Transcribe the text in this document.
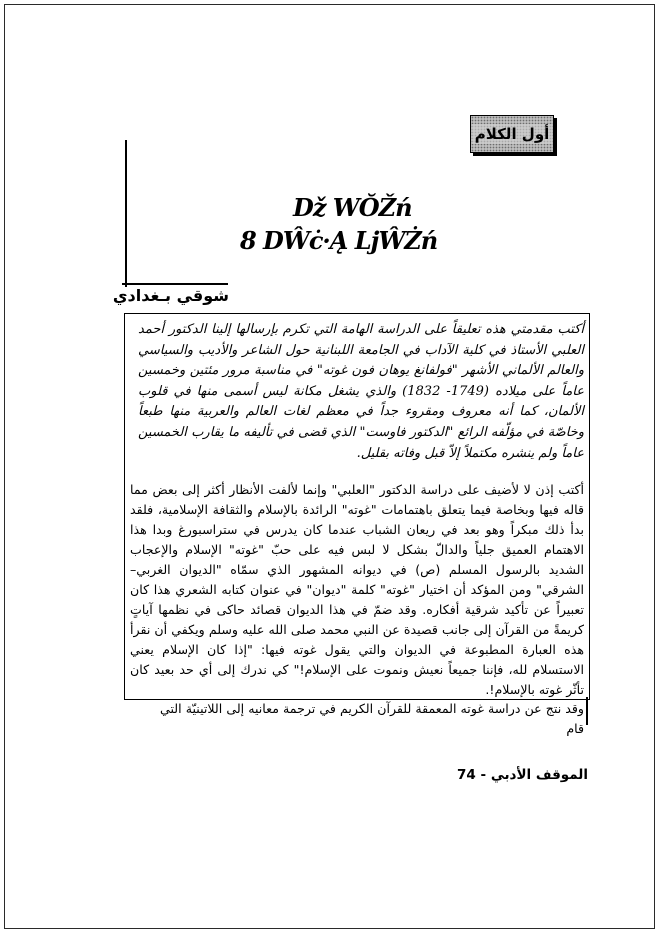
أول الكلام
Dž WŎŽń
8 DŴċ·Ą LjŴŻń
شوقي بـغدادي

أكتب مقدمتي هذه تعليقاً على الدراسة الهامة التي تكرم بإرسالها إلينا الدكتور أحمد العلبي الأستاذ في كلية الآداب في الجامعة اللبنانية حول الشاعر والأديب والسياسي والعالم الألماني الأشهر "فولفانغ يوهان فون غوته" في مناسبة مرور مئتين وخمسين عاماً على ميلاده (1749- 1832) والذي يشغل مكانة ليس أسمى منها في قلوب الألمان، كما أنه معروف ومقروء جداً في معظم لغات العالم والعربية منها طبعاً وخاصّة في مؤلّفه الرائع "الدكتور فاوست" الذي قضى في تأليفه ما يقارب الخمسين عاماً ولم ينشره مكتملاً إلاّ قبل وفاته بقليل.

أكتب إذن لا لأضيف على دراسة الدكتور "العلبي" وإنما لألفت الأنظار أكثر إلى بعض مما قاله فيها وبخاصة فيما يتعلق باهتمامات "غوته" الرائدة بالإسلام والثقافة الإسلامية، فلقد بدأ ذلك مبكراً وهو بعد في ريعان الشباب عندما كان يدرس في ستراسبورغ وبدا هذا الاهتمام العميق جلياً والدالّ بشكل لا لبس فيه على حبّ "غوته" الإسلام والإعجاب الشديد بالرسول المسلم (ص) في ديوانه المشهور الذي سمّاه "الديوان الغربي– الشرقي" ومن المؤكد أن اختيار "غوته" كلمة "ديوان" في عنوان كتابه الشعري هذا كان تعبيراً عن تأكيد شرقية أفكاره. وقد ضمّ في هذا الديوان قصائد حاكى في نظمها آياتٍ كريمةً من القرآن إلى جانب قصيدة عن النبي محمد صلى الله عليه وسلم ويكفي أن نقرأ هذه العبارة المطبوعة في الديوان والتي يقول غوته فيها: "إذا كان الإسلام يعني الاستسلام لله، فإننا جميعاً نعيش ونموت على الإسلام!" كي ندرك إلى أي حد بعيد كان تأثّر غوته بالإسلام!.

وقد نتج عن دراسة غوته المعمقة للقرآن الكريم في ترجمة معانيه إلى اللاتينيّة التي قام

الموقف الأدبي - 74
